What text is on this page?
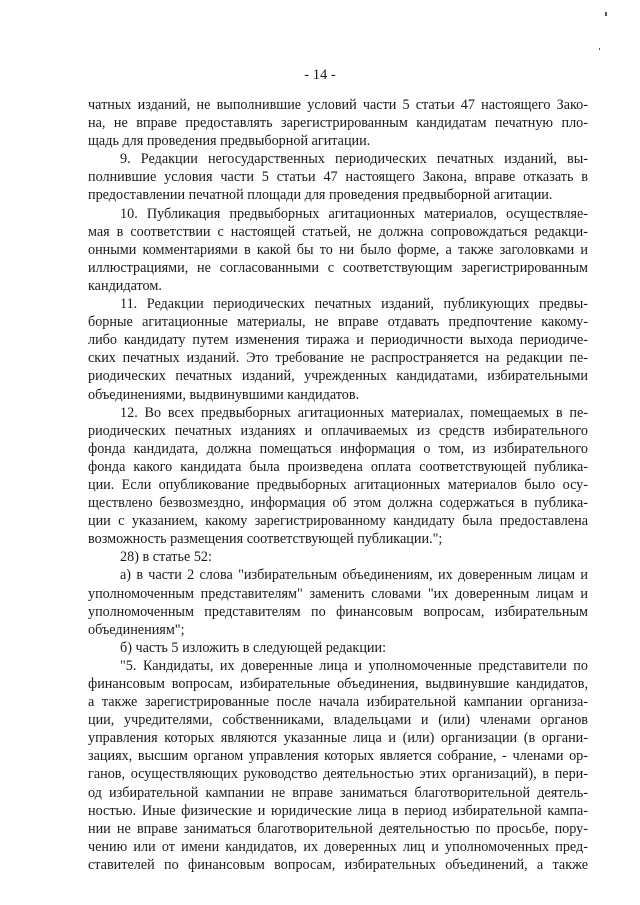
- 14 -
чатных изданий, не выполнившие условий части 5 статьи 47 настоящего Зако-
на, не вправе предоставлять зарегистрированным кандидатам печатную пло-
щадь для проведения предвыборной агитации.
9. Редакции негосударственных периодических печатных изданий, вы-
полнившие условия части 5 статьи 47 настоящего Закона, вправе отказать в
предоставлении печатной площади для проведения предвыборной агитации.
10. Публикация предвыборных агитационных материалов, осуществляе-
мая в соответствии с настоящей статьей, не должна сопровождаться редакци-
онными комментариями в какой бы то ни было форме, а также заголовками и
иллюстрациями, не согласованными с соответствующим зарегистрированным
кандидатом.
11. Редакции периодических печатных изданий, публикующих предвы-
борные агитационные материалы, не вправе отдавать предпочтение какому-
либо кандидату путем изменения тиража и периодичности выхода периодиче-
ских печатных изданий. Это требование не распространяется на редакции пе-
риодических печатных изданий, учрежденных кандидатами, избирательными
объединениями, выдвинувшими кандидатов.
12. Во всех предвыборных агитационных материалах, помещаемых в пе-
риодических печатных изданиях и оплачиваемых из средств избирательного
фонда кандидата, должна помещаться информация о том, из избирательного
фонда какого кандидата была произведена оплата соответствующей публика-
ции. Если опубликование предвыборных агитационных материалов было осу-
ществлено безвозмездно, информация об этом должна содержаться в публика-
ции с указанием, какому зарегистрированному кандидату была предоставлена
возможность размещения соответствующей публикации.";
28) в статье 52:
а) в части 2 слова "избирательным объединениям, их доверенным лицам и
уполномоченным представителям" заменить словами "их доверенным лицам и
уполномоченным представителям по финансовым вопросам, избирательным
объединениям";
б) часть 5 изложить в следующей редакции:
"5. Кандидаты, их доверенные лица и уполномоченные представители по
финансовым вопросам, избирательные объединения, выдвинувшие кандидатов,
а также зарегистрированные после начала избирательной кампании организа-
ции, учредителями, собственниками, владельцами и (или) членами органов
управления которых являются указанные лица и (или) организации (в органи-
зациях, высшим органом управления которых является собрание, - членами ор-
ганов, осуществляющих руководство деятельностью этих организаций), в пери-
од избирательной кампании не вправе заниматься благотворительной деятель-
ностью. Иные физические и юридические лица в период избирательной кампа-
нии не вправе заниматься благотворительной деятельностью по просьбе, пору-
чению или от имени кандидатов, их доверенных лиц и уполномоченных пред-
ставителей по финансовым вопросам, избирательных объединений, а также
